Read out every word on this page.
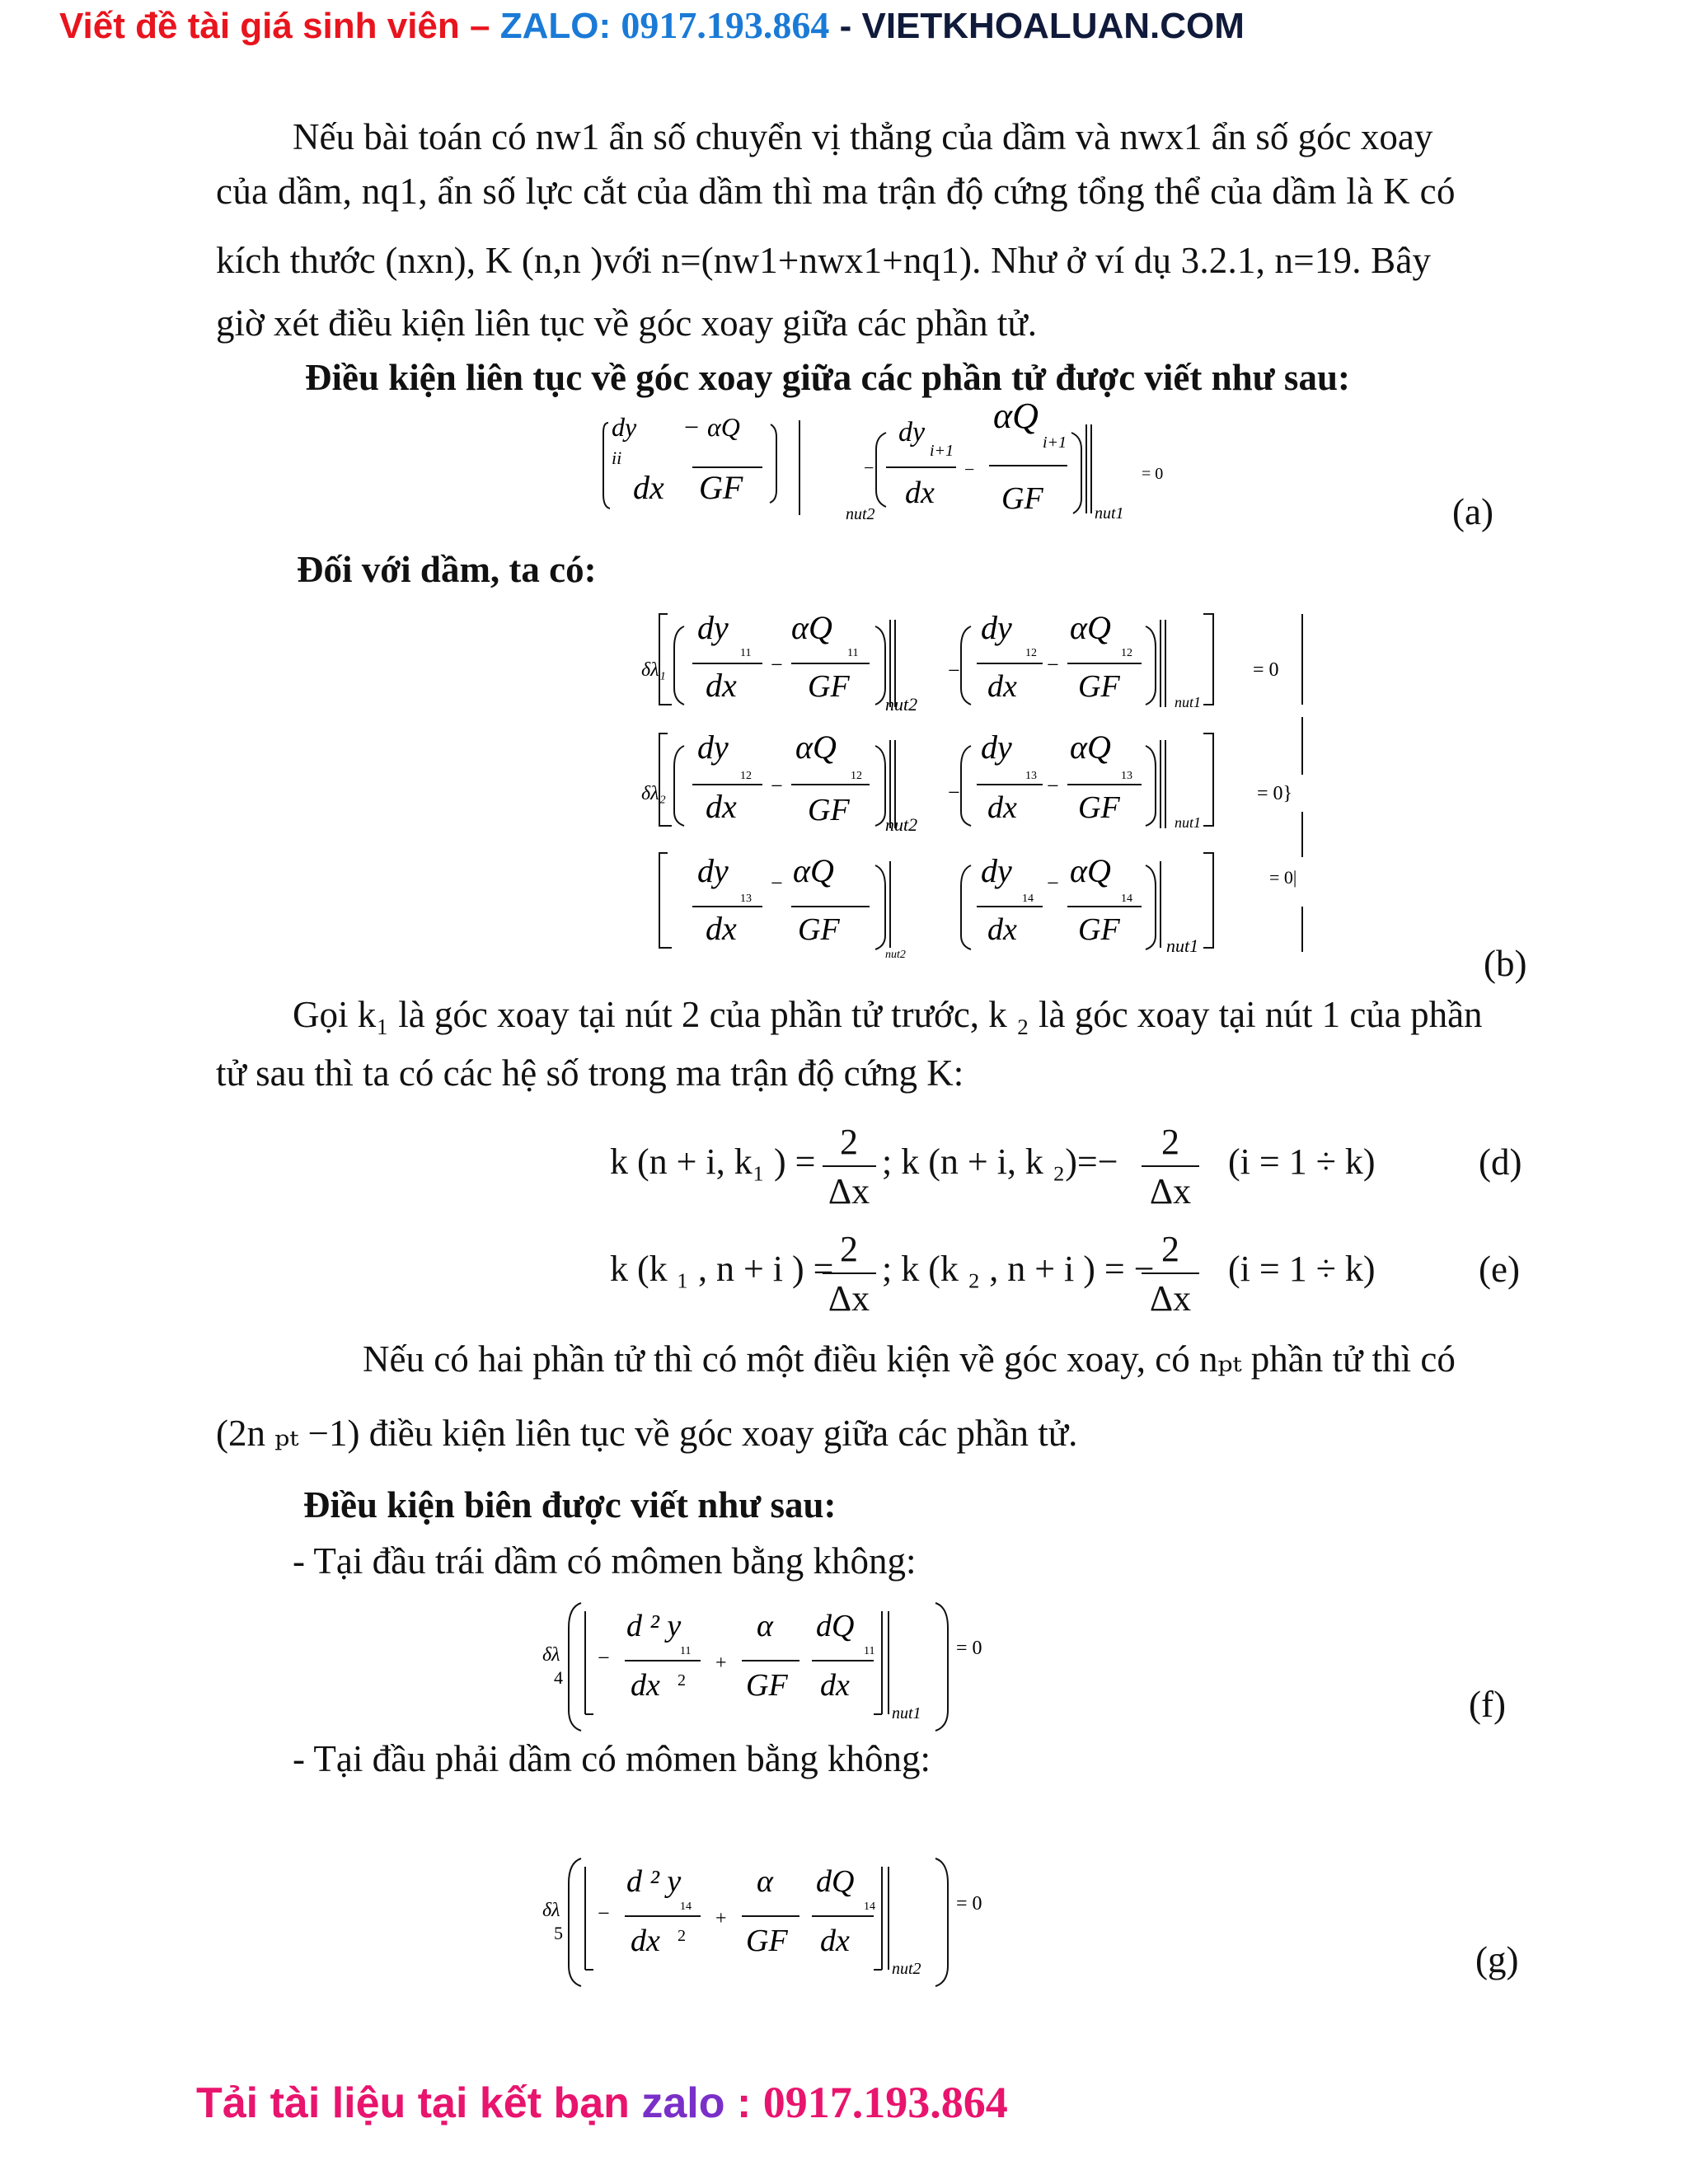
Viết đề tài giá sinh viên – ZALO: 0917.193.864 - VIETKHOALUAN.COM
Nếu bài toán có nw1 ẩn số chuyển vị thẳng của dầm và nwx1 ẩn số góc xoay
của dầm, nq1, ẩn số lực cắt của dầm thì ma trận độ cứng tổng thể của dầm là K có
kích thước (nxn), K (n,n )với n=(nw1+nwx1+nq1). Như ở ví dụ 3.2.1, n=19. Bây
giờ xét điều kiện liên tục về góc xoay giữa các phần tử.
Điều kiện liên tục về góc xoay giữa các phần tử được viết như sau:
dy
ii
dx
− αQ
GF
−
nut2
dy
i+1
dx
−
αQ
i+1
GF	nut1
= 0
(a)
Đối với dầm, ta có:
δλ₁
dy
11
dx
−
αQ
11
GF
nut2
−
dy
12
dx
−
αQ
12
GF	nut1
= 0
δλ₂
dy
12
dx
−
αQ
12
GF nut2
−
dy
13
dx
−
αQ
13
GF	nut1
= 0}
dy
13
dx
− αQ
GF
nut2
dy
14
dx
− αQ
14
GF	nut1
= 0|
(b)
Gọi k₁ là góc xoay tại nút 2 của phần tử trước, k ₂ là góc xoay tại nút 1 của phần
tử sau thì ta có các hệ số trong ma trận độ cứng K:
k (n + i, k₁ ) = 2
Δx
; k (n + i, k ₂)=−	2
Δx
(i = 1 ÷ k)	(d)
k (k ₁ , n + i ) = 2
Δx
; k (k ₂ , n + i ) = − 2
Δx
(i = 1 ÷ k)	(e)
Nếu có hai phần tử thì có một điều kiện về góc xoay, có nₚₜ phần tử thì có
(2n ₚₜ −1) điều kiện liên tục về góc xoay giữa các phần tử.
Điều kiện biên được viết như sau:
- Tại đầu trái dầm có mômen bằng không:
δλ
4
−
d ² y
11
dx 2
+
α
GF
dQ
11
dx
nut1
= 0
(f)
- Tại đầu phải dầm có mômen bằng không:
δλ
5
−
d ² y
14
dx 2
+
α
GF
dQ
14
dx
nut2
= 0
(g)
Tải tài liệu tại kết bạn zalo : 0917.193.864
